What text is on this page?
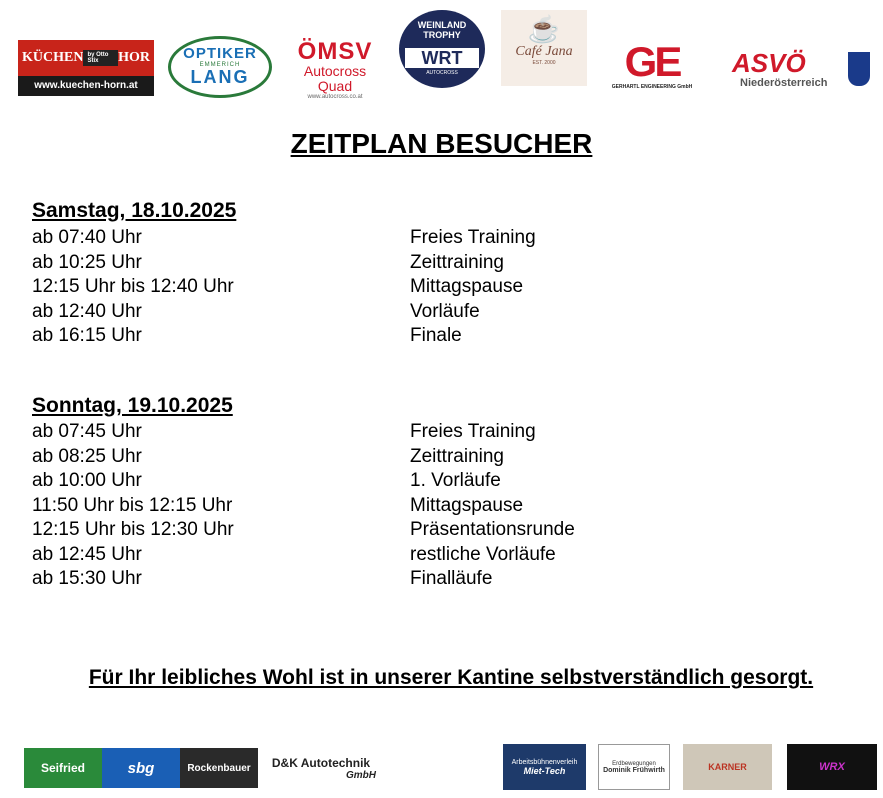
KÜCHEN by Otto Stix	HOR
www.kuechen-horn.at
OPTIKER
EMMERICH
LANG
ÖMSV
Autocross
Quad
www.autocross.co.at
WEINLAND TROPHY
WRT
AUTOCROSS
☕
Café Jana
EST. 2000	GE
GERHARTL ENGINEERING GmbH
ASVÖ
Niederösterreich
ZEITPLAN BESUCHER
Samstag, 18.10.2025
ab 07:40 Uhr	Freies Training
ab 10:25 Uhr	Zeittraining
12:15 Uhr bis 12:40 Uhr	Mittagspause
ab 12:40 Uhr	Vorläufe
ab 16:15 Uhr	Finale
Sonntag, 19.10.2025
ab 07:45 Uhr	Freies Training
ab 08:25 Uhr	Zeittraining
ab 10:00 Uhr	1. Vorläufe
11:50 Uhr bis 12:15 Uhr	Mittagspause
12:15 Uhr bis 12:30 Uhr	Präsentationsrunde
ab 12:45 Uhr	restliche Vorläufe
ab 15:30 Uhr	Finalläufe
Für Ihr leibliches Wohl ist in unserer Kantine selbstverständlich gesorgt.
Seifried	sbg	Rockenbauer	D&K Autotechnik
GmbH
Arbeitsbühnenverleih
Miet-Tech
Erdbewegungen
Dominik Frühwirth	KARNER	WRX
